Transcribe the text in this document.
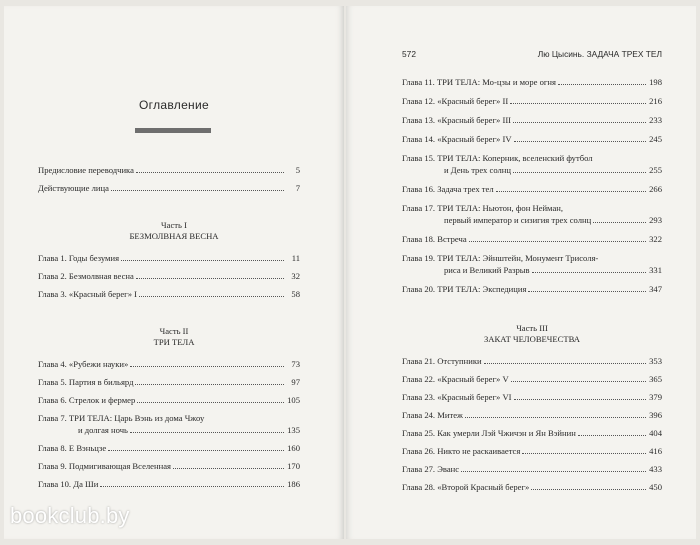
Оглавление
Предисловие переводчика	5
Действующие лица	7
Часть I
БЕЗМОЛВНАЯ ВЕСНА
Глава 1. Годы безумия	11
Глава 2. Безмолвная весна	32
Глава 3. «Красный берег» I	58
Часть II
ТРИ ТЕЛА
Глава 4. «Рубежи науки»	73
Глава 5. Партия в бильярд	97
Глава 6. Стрелок и фермер	105
Глава 7. ТРИ ТЕЛА: Царь Вэнь из дома Чжоу
и долгая ночь	135
Глава 8. Е Вэньцзе	160
Глава 9. Подмигивающая Вселенная	170
Глава 10. Да Ши	186
bookclub.by
572	Лю Цысинь. ЗАДАЧА ТРЕХ ТЕЛ
Глава 11. ТРИ ТЕЛА: Мо-цзы и море огня	198
Глава 12. «Красный берег» II	216
Глава 13. «Красный берег» III	233
Глава 14. «Красный берег» IV	245
Глава 15. ТРИ ТЕЛА: Коперник, вселенский футбол
и День трех солнц	255
Глава 16. Задача трех тел	266
Глава 17. ТРИ ТЕЛА: Ньютон, фон Нейман,
первый император и сизигия трех солнц	293
Глава 18. Встреча	322
Глава 19. ТРИ ТЕЛА: Эйнштейн, Монумент Трисоля-
риса и Великий Разрыв	331
Глава 20. ТРИ ТЕЛА: Экспедиция	347
Часть III
ЗАКАТ ЧЕЛОВЕЧЕСТВА
Глава 21. Отступники	353
Глава 22. «Красный берег» V	365
Глава 23. «Красный берег» VI	379
Глава 24. Митеж	396
Глава 25. Как умерли Лэй Чжичэн и Ян Вэйнин	404
Глава 26. Никто не раскаивается	416
Глава 27. Эванс	433
Глава 28. «Второй Красный берег»	450
